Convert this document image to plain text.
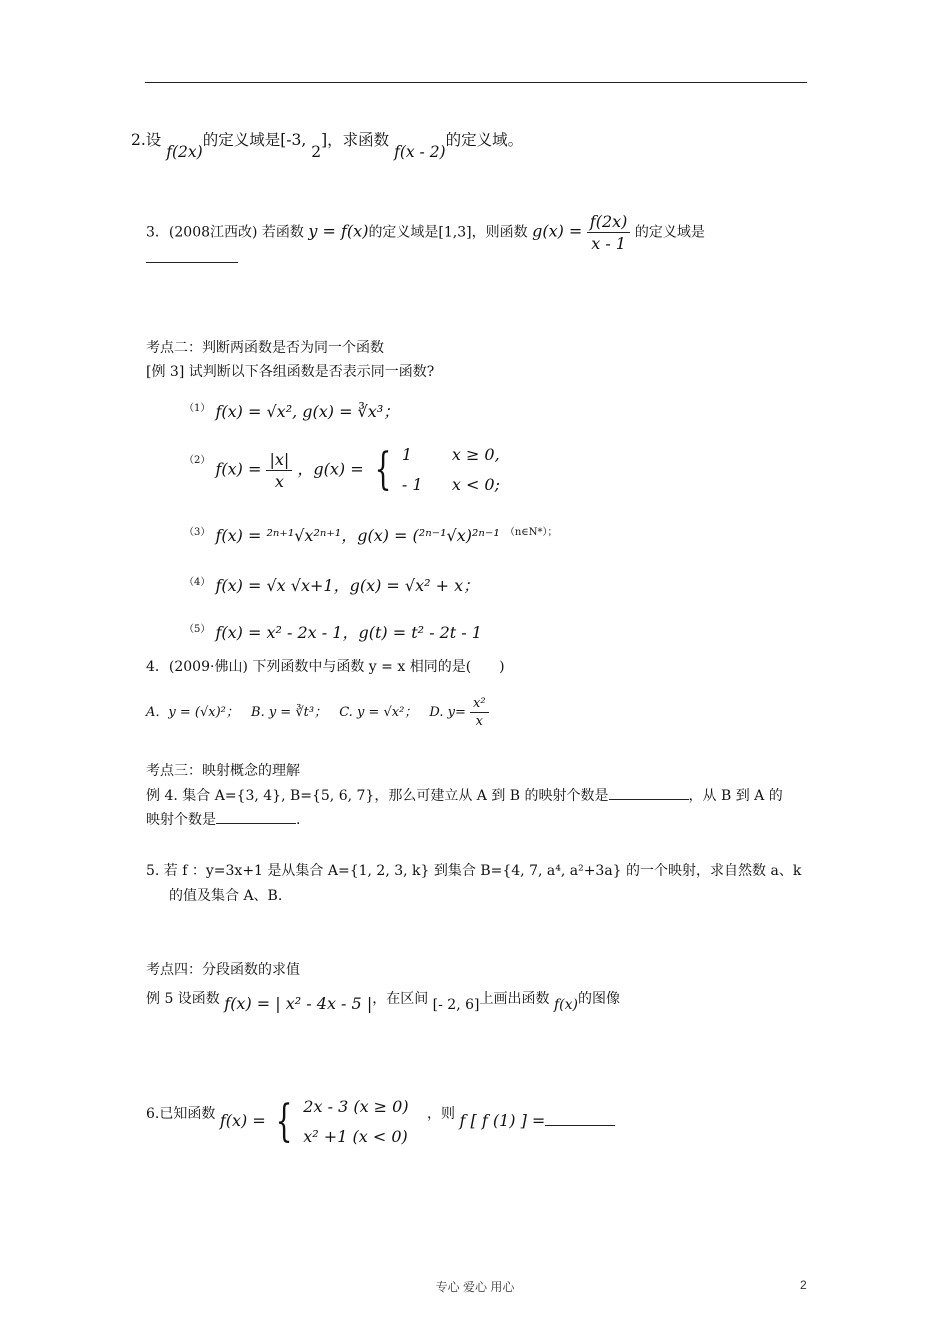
2.设 f(2x)的定义域是[-3, 2]，求函数 f(x - 2)的定义域。
3．(2008江西改) 若函数 y = f(x)的定义域是[1,3]，则函数 $g(x) = \frac{f(2x)}{x - 1}$ 的定义域是
考点二：判断两函数是否为同一个函数
[例 3] 试判断以下各组函数是否表示同一函数?
（1） f(x) = √x², g(x) = ∛x³；
$^{(2)}$ $f(x) = \frac{|x|}{x}$ ，g(x) = { 1 x ≥ 0,
- 1 x < 0;
（3） f(x) = ²ⁿ⁺¹√x²ⁿ⁺¹，g(x) = (²ⁿ⁻¹√x)²ⁿ⁻¹ （n∈N*）；
（4） f(x) = √x √x+1，g(x) = √x² + x；
（5） f(x) = x² - 2x - 1，g(t) = t² - 2t - 1
4．(2009·佛山) 下列函数中与函数 y = x 相同的是(　　)
A．y = (√x)²； B. y = ∛t³； C. y = √x²； D. $y= \frac{\text{x²}}{x}$
考点三：映射概念的理解
例 4. 集合 A={3, 4}, B={5, 6, 7}，那么可建立从 A 到 B 的映射个数是	，从 B 到 A 的
映射个数是	.
5. 若 f ：y=3x+1 是从集合 A={1, 2, 3, k} 到集合 B={4, 7, a⁴, a²+3a} 的一个映射，求自然数 a、k
的值及集合 A、B.
考点四：分段函数的求值
例 5 设函数 f(x) = | x² - 4x - 5 |，在区间 [- 2, 6]上画出函数 f(x)的图像
6.已知函数 f(x) = { 2x - 3 (x ≥ 0)
x² +1 (x < 0) ，则 f [ f (1) ] =
专心 爱心 用心	2
